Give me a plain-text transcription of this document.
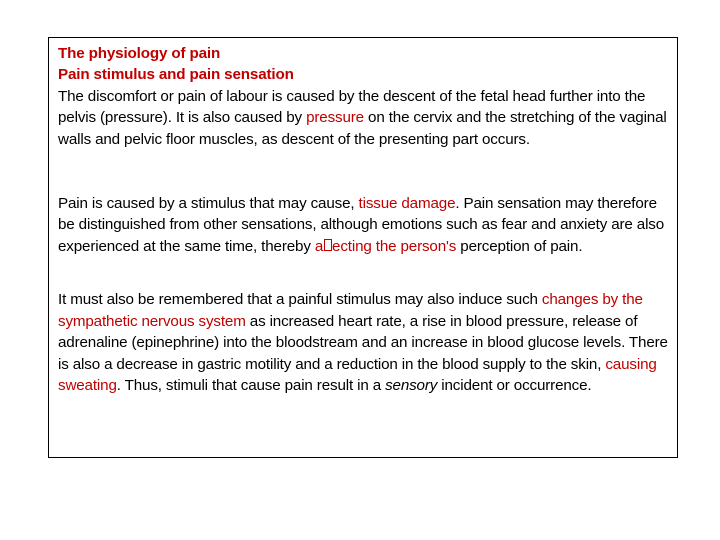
The physiology of pain
Pain stimulus and pain sensation
The discomfort or pain of labour is caused by the descent of the fetal head further into the pelvis (pressure). It is also caused by pressure on the cervix and the stretching of the vaginal walls and pelvic floor muscles, as descent of the presenting part occurs.

Pain is caused by a stimulus that may cause, tissue damage. Pain sensation may therefore be distinguished from other sensations, although emotions such as fear and anxiety are also experienced at the same time, thereby a ecting the person's perception of pain.

It must also be remembered that a painful stimulus may also induce such changes by the sympathetic nervous system as increased heart rate, a rise in blood pressure, release of adrenaline (epinephrine) into the bloodstream and an increase in blood glucose levels. There is also a decrease in gastric motility and a reduction in the blood supply to the skin, causing sweating. Thus, stimuli that cause pain result in a sensory incident or occurrence.
